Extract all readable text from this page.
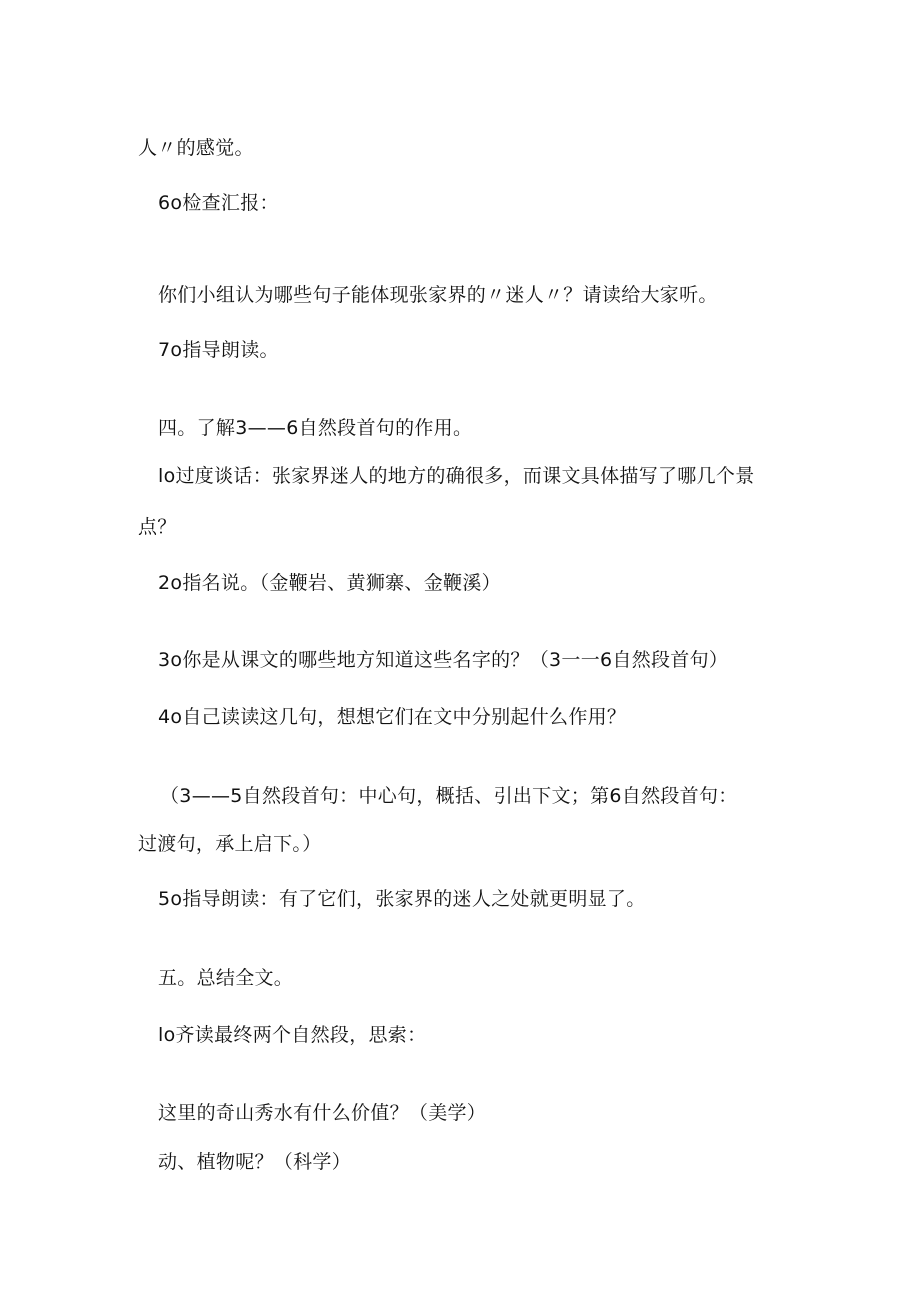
人〃的感觉。
6o检查汇报：
你们小组认为哪些句子能体现张家界的〃迷人〃？请读给大家听。
7o指导朗读。
四。了解3——6自然段首句的作用。
lo过度谈话：张家界迷人的地方的确很多，而课文具体描写了哪几个景
点？
2o指名说。（金鞭岩、黄狮寨、金鞭溪）
3o你是从课文的哪些地方知道这些名字的？（3一一6自然段首句）
4o自己读读这几句，想想它们在文中分别起什么作用？
（3——5自然段首句：中心句，概括、引出下文；第6自然段首句：
过渡句，承上启下。）
5o指导朗读：有了它们，张家界的迷人之处就更明显了。
五。总结全文。
lo齐读最终两个自然段，思索：
这里的奇山秀水有什么价值？（美学）
动、植物呢？（科学）
